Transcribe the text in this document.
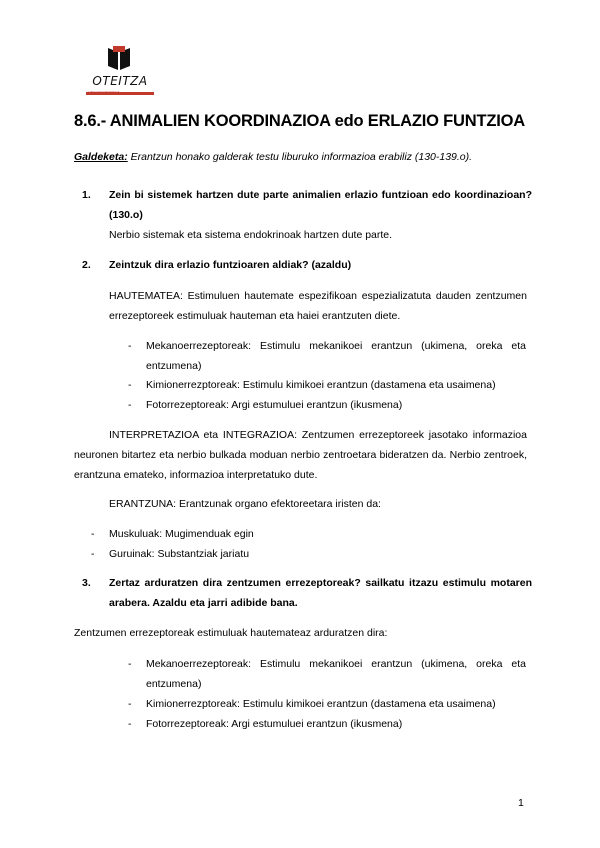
OTEITZA
LIZEO POLITEKNIKOA
8.6.- ANIMALIEN KOORDINAZIOA edo ERLAZIO FUNTZIOA
Galdeketa: Erantzun honako galderak testu liburuko informazioa erabiliz (130-139.o).
1. Zein bi sistemek hartzen dute parte animalien erlazio funtzioan edo koordinazioan? (130.o)
Nerbio sistemak eta sistema endokrinoak hartzen dute parte.
2. Zeintzuk dira erlazio funtzioaren aldiak? (azaldu)
HAUTEMATEA: Estimuluen hautemate espezifikoan espezializatuta dauden zentzumen errezeptoreek estimuluak hauteman eta haiei erantzuten diete.
- Mekanoerrezeptoreak: Estimulu mekanikoei erantzun (ukimena, oreka eta entzumena)
- Kimionerrezptoreak: Estimulu kimikoei erantzun (dastamena eta usaimena)
- Fotorrezeptoreak: Argi estumuluei erantzun (ikusmena)
INTERPRETAZIOA eta INTEGRAZIOA: Zentzumen errezeptoreek jasotako informazioa neuronen bitartez eta nerbio bulkada moduan nerbio zentroetara bideratzen da. Nerbio zentroek, erantzuna emateko, informazioa interpretatuko dute.
ERANTZUNA: Erantzunak organo efektoreetara iristen da:
- Muskuluak: Mugimenduak egin
- Guruinak: Substantziak jariatu
3. Zertaz arduratzen dira zentzumen errezeptoreak? sailkatu itzazu estimulu motaren arabera. Azaldu eta jarri adibide bana.
Zentzumen errezeptoreak estimuluak hautemateaz arduratzen dira:
- Mekanoerrezeptoreak: Estimulu mekanikoei erantzun (ukimena, oreka eta entzumena)
- Kimionerrezptoreak: Estimulu kimikoei erantzun (dastamena eta usaimena)
- Fotorrezeptoreak: Argi estumuluei erantzun (ikusmena)
1
